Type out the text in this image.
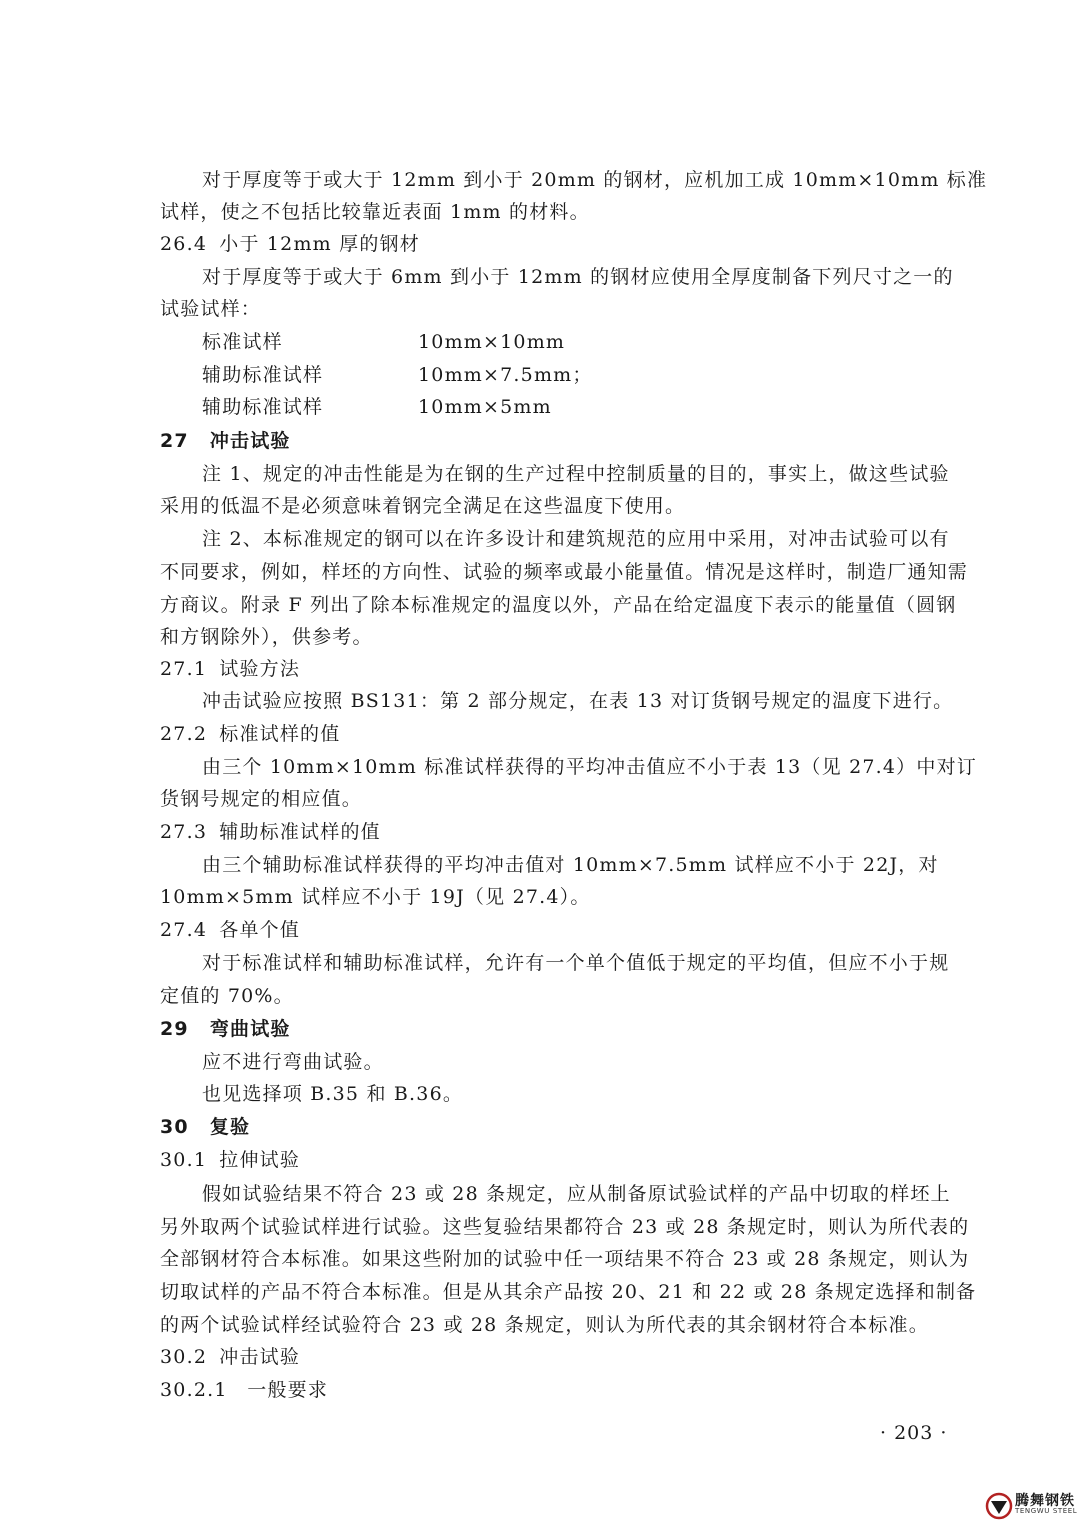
对于厚度等于或大于 12mm 到小于 20mm 的钢材，应机加工成 10mm×10mm 标准
试样，使之不包括比较靠近表面 1mm 的材料。
26.4 小于 12mm 厚的钢材
对于厚度等于或大于 6mm 到小于 12mm 的钢材应使用全厚度制备下列尺寸之一的
试验试样：
标准试样	10mm×10mm
辅助标准试样	10mm×7.5mm；
辅助标准试样	10mm×5mm
27 冲击试验
注 1、规定的冲击性能是为在钢的生产过程中控制质量的目的，事实上，做这些试验
采用的低温不是必须意味着钢完全满足在这些温度下使用。
注 2、本标准规定的钢可以在许多设计和建筑规范的应用中采用，对冲击试验可以有
不同要求，例如，样坯的方向性、试验的频率或最小能量值。情况是这样时，制造厂通知需
方商议。附录 F 列出了除本标准规定的温度以外，产品在给定温度下表示的能量值（圆钢
和方钢除外），供参考。
27.1 试验方法
冲击试验应按照 BS131：第 2 部分规定，在表 13 对订货钢号规定的温度下进行。
27.2 标准试样的值
由三个 10mm×10mm 标准试样获得的平均冲击值应不小于表 13（见 27.4）中对订
货钢号规定的相应值。
27.3 辅助标准试样的值
由三个辅助标准试样获得的平均冲击值对 10mm×7.5mm 试样应不小于 22J，对
10mm×5mm 试样应不小于 19J（见 27.4）。
27.4 各单个值
对于标准试样和辅助标准试样，允许有一个单个值低于规定的平均值，但应不小于规
定值的 70%。
29 弯曲试验
应不进行弯曲试验。
也见选择项 B.35 和 B.36。
30 复验
30.1 拉伸试验
假如试验结果不符合 23 或 28 条规定，应从制备原试验试样的产品中切取的样坯上
另外取两个试验试样进行试验。这些复验结果都符合 23 或 28 条规定时，则认为所代表的
全部钢材符合本标准。如果这些附加的试验中任一项结果不符合 23 或 28 条规定，则认为
切取试样的产品不符合本标准。但是从其余产品按 20、21 和 22 或 28 条规定选择和制备
的两个试验试样经试验符合 23 或 28 条规定，则认为所代表的其余钢材符合本标准。
30.2 冲击试验
30.2.1 一般要求
· 203 ·
腾舞钢铁
TENGWU STEEL
